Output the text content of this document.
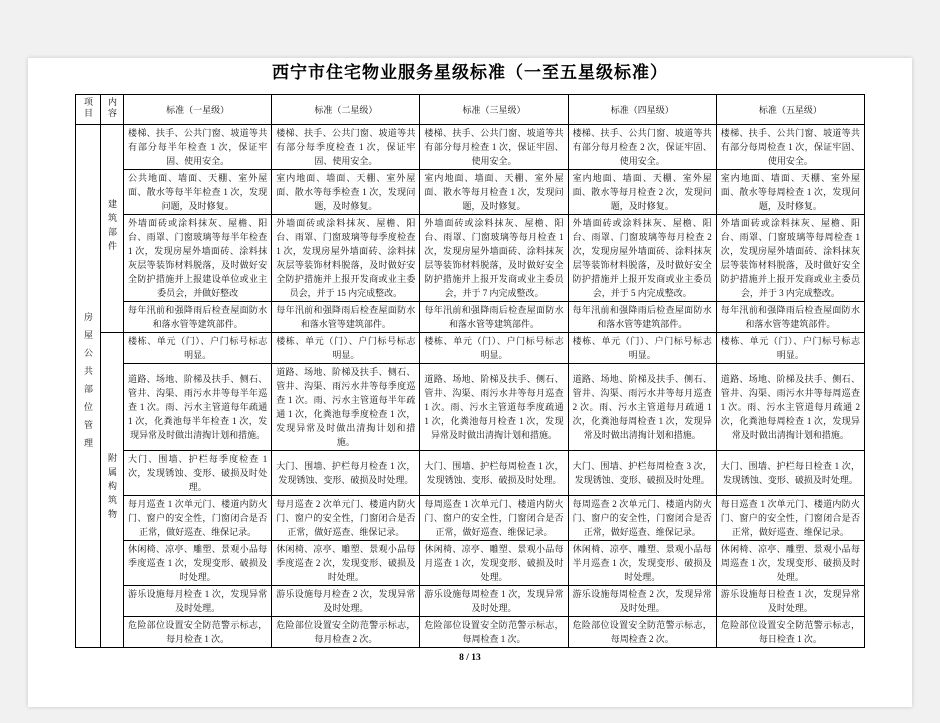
西宁市住宅物业服务星级标准（一至五星级标准）
项目	内容	标准（一星级）	标准（二星级）	标准（三星级）	标准（四星级）	标准（五星级）
房屋公共部位管理	建筑部件	楼梯、扶手、公共门窗、坡道等共有部分每半年检查 1 次，保证牢固、使用安全。	楼梯、扶手、公共门窗、坡道等共有部分每季度检查 1 次，保证牢固、使用安全。	楼梯、扶手、公共门窗、坡道等共有部分每月检查 1 次，保证牢固、使用安全。	楼梯、扶手、公共门窗、坡道等共有部分每月检查 2 次，保证牢固、使用安全。	楼梯、扶手、公共门窗、坡道等共有部分每周检查 1 次，保证牢固、使用安全。
		公共地面、墙面、天棚、室外屋面、散水等每半年检查 1 次，发现问题，及时修复。	室内地面、墙面、天棚、室外屋面、散水等每季检查 1 次，发现问题，及时修复。	室内地面、墙面、天棚、室外屋面、散水等每月检查 1 次，发现问题，及时修复。	室内地面、墙面、天棚、室外屋面、散水等每月检查 2 次，发现问题，及时修复。	室内地面、墙面、天棚、室外屋面、散水等每周检查 1 次，发现问题，及时修复。
		外墙面砖或涂料抹灰、屋檐、阳台、雨罩、门窗玻璃等每半年检查 1 次，发现房屋外墙面砖、涂料抹灰层等装饰材料脱落，及时做好安全防护措施并上报建设单位或业主委员会，并做好整改	外墙面砖或涂料抹灰、屋檐、阳台、雨罩、门窗玻璃等每季度检查 1 次，发现房屋外墙面砖、涂料抹灰层等装饰材料脱落，及时做好安全防护措施并上报开发商或业主委员会，并于 15 内完成整改。	外墙面砖或涂料抹灰、屋檐、阳台、雨罩、门窗玻璃等每月检查 1 次，发现房屋外墙面砖、涂料抹灰层等装饰材料脱落，及时做好安全防护措施并上报开发商或业主委员会，并于 7 内完成整改。	外墙面砖或涂料抹灰、屋檐、阳台、雨罩、门窗玻璃等每月检查 2 次，发现房屋外墙面砖、涂料抹灰层等装饰材料脱落，及时做好安全防护措施并上报开发商或业主委员会，并于 5 内完成整改。	外墙面砖或涂料抹灰、屋檐、阳台、雨罩、门窗玻璃等每周检查 1 次，发现房屋外墙面砖、涂料抹灰层等装饰材料脱落，及时做好安全防护措施并上报开发商或业主委员会，并于 3 内完成整改。
		每年汛前和强降雨后检查屋面防水和落水管等建筑部件。	每年汛前和强降雨后检查屋面防水和落水管等建筑部件。	每年汛前和强降雨后检查屋面防水和落水管等建筑部件。	每年汛前和强降雨后检查屋面防水和落水管等建筑部件。	每年汛前和强降雨后检查屋面防水和落水管等建筑部件。
	附属构筑物	楼栋、单元（门）、户门标号标志明显。	楼栋、单元（门）、户门标号标志明显。	楼栋、单元（门）、户门标号标志明显。	楼栋、单元（门）、户门标号标志明显。	楼栋、单元（门）、户门标号标志明显。
		道路、场地、阶梯及扶手、侧石、管井、沟渠、雨污水井等每半年巡查 1 次。雨、污水主管道每年疏通 1 次，化粪池每半年检查 1 次，发现异常及时做出清掏计划和措施。	道路、场地、阶梯及扶手、侧石、管井、沟渠、雨污水井等每季度巡查 1 次。雨、污水主管道每半年疏通 1 次，化粪池每季度检查 1 次，发现异常及时做出清掏计划和措施。	道路、场地、阶梯及扶手、侧石、管井、沟渠、雨污水井等每月巡查 1 次。雨、污水主管道每季度疏通 1 次，化粪池每月检查 1 次，发现异常及时做出清掏计划和措施。	道路、场地、阶梯及扶手、侧石、管井、沟渠、雨污水井等每月巡查 2 次。雨、污水主管道每月疏通 1 次，化粪池每周检查 1 次，发现异常及时做出清掏计划和措施。	道路、场地、阶梯及扶手、侧石、管井、沟渠、雨污水井等每周巡查 1 次。雨、污水主管道每月疏通 2 次，化粪池每周检查 1 次，发现异常及时做出清掏计划和措施。
		大门、围墙、护栏每季度检查 1 次，发现锈蚀、变形、破损及时处理。	大门、围墙、护栏每月检查 1 次，发现锈蚀、变形、破损及时处理。	大门、围墙、护栏每周检查 1 次，发现锈蚀、变形、破损及时处理。	大门、围墙、护栏每周检查 3 次，发现锈蚀、变形、破损及时处理。	大门、围墙、护栏每日检查 1 次，发现锈蚀、变形、破损及时处理。
		每月巡查 1 次单元门、楼道内防火门、窗户的安全性，门窗闭合是否正常，做好巡查、维保记录。	每月巡查 2 次单元门、楼道内防火门、窗户的安全性，门窗闭合是否正常，做好巡查、维保记录。	每周巡查 1 次单元门、楼道内防火门、窗户的安全性，门窗闭合是否正常，做好巡查、维保记录。	每周巡查 2 次单元门、楼道内防火门、窗户的安全性，门窗闭合是否正常，做好巡查、维保记录。	每日巡查 1 次单元门、楼道内防火门、窗户的安全性，门窗闭合是否正常，做好巡查、维保记录。
		休闲椅、凉亭、雕塑、景观小品每季度巡查 1 次，发现变形、破损及时处理。	休闲椅、凉亭、雕塑、景观小品每季度巡查 2 次，发现变形、破损及时处理。	休闲椅、凉亭、雕塑、景观小品每月巡查 1 次，发现变形、破损及时处理。	休闲椅、凉亭、雕塑、景观小品每半月巡查 1 次，发现变形、破损及时处理。	休闲椅、凉亭、雕塑、景观小品每周巡查 1 次，发现变形、破损及时处理。
		游乐设施每月检查 1 次，发现异常及时处理。	游乐设施每月检查 2 次，发现异常及时处理。	游乐设施每周检查 1 次，发现异常及时处理。	游乐设施每周检查 2 次，发现异常及时处理。	游乐设施每日检查 1 次，发现异常及时处理。
		危险部位设置安全防范警示标志，每月检查 1 次。	危险部位设置安全防范警示标志，每月检查 2 次。	危险部位设置安全防范警示标志，每周检查 1 次。	危险部位设置安全防范警示标志，每周检查 2 次。	危险部位设置安全防范警示标志，每日检查 1 次。
8 / 13
